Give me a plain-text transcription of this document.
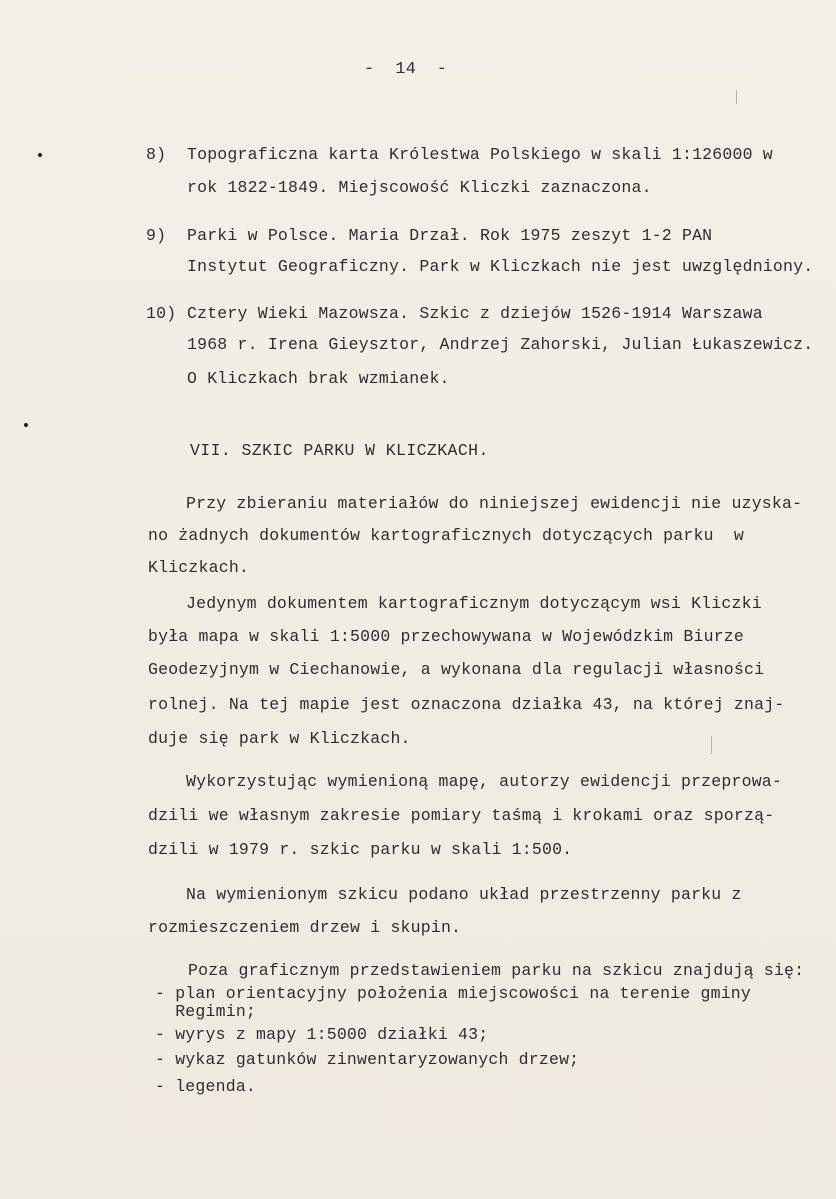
-  14  -
8) Topograficzna karta Królestwa Polskiego w skali 1:126000 w
rok 1822-1849. Miejscowość Kliczki zaznaczona.
9) Parki w Polsce. Maria Drzał. Rok 1975 zeszyt 1-2 PAN
Instytut Geograficzny. Park w Kliczkach nie jest uwzględniony.
10) Cztery Wieki Mazowsza. Szkic z dziejów 1526-1914 Warszawa
1968 r. Irena Gieysztor, Andrzej Zahorski, Julian Łukaszewicz.
O Kliczkach brak wzmianek.
VII. SZKIC PARKU W KLICZKACH.
Przy zbieraniu materiałów do niniejszej ewidencji nie uzyska-
no żadnych dokumentów kartograficznych dotyczących parku  w
Kliczkach.
Jedynym dokumentem kartograficznym dotyczącym wsi Kliczki
była mapa w skali 1:5000 przechowywana w Wojewódzkim Biurze
Geodezyjnym w Ciechanowie, a wykonana dla regulacji własności
rolnej. Na tej mapie jest oznaczona działka 43, na której znaj-
duje się park w Kliczkach.
Wykorzystując wymienioną mapę, autorzy ewidencji przeprowa-
dzili we własnym zakresie pomiary taśmą i krokami oraz sporzą-
dzili w 1979 r. szkic parku w skali 1:500.
Na wymienionym szkicu podano układ przestrzenny parku z
rozmieszczeniem drzew i skupin.
Poza graficznym przedstawieniem parku na szkicu znajdują się:
- plan orientacyjny położenia miejscowości na terenie gminy
Regimin;
- wyrys z mapy 1:5000 działki 43;
- wykaz gatunków zinwentaryzowanych drzew;
- legenda.
